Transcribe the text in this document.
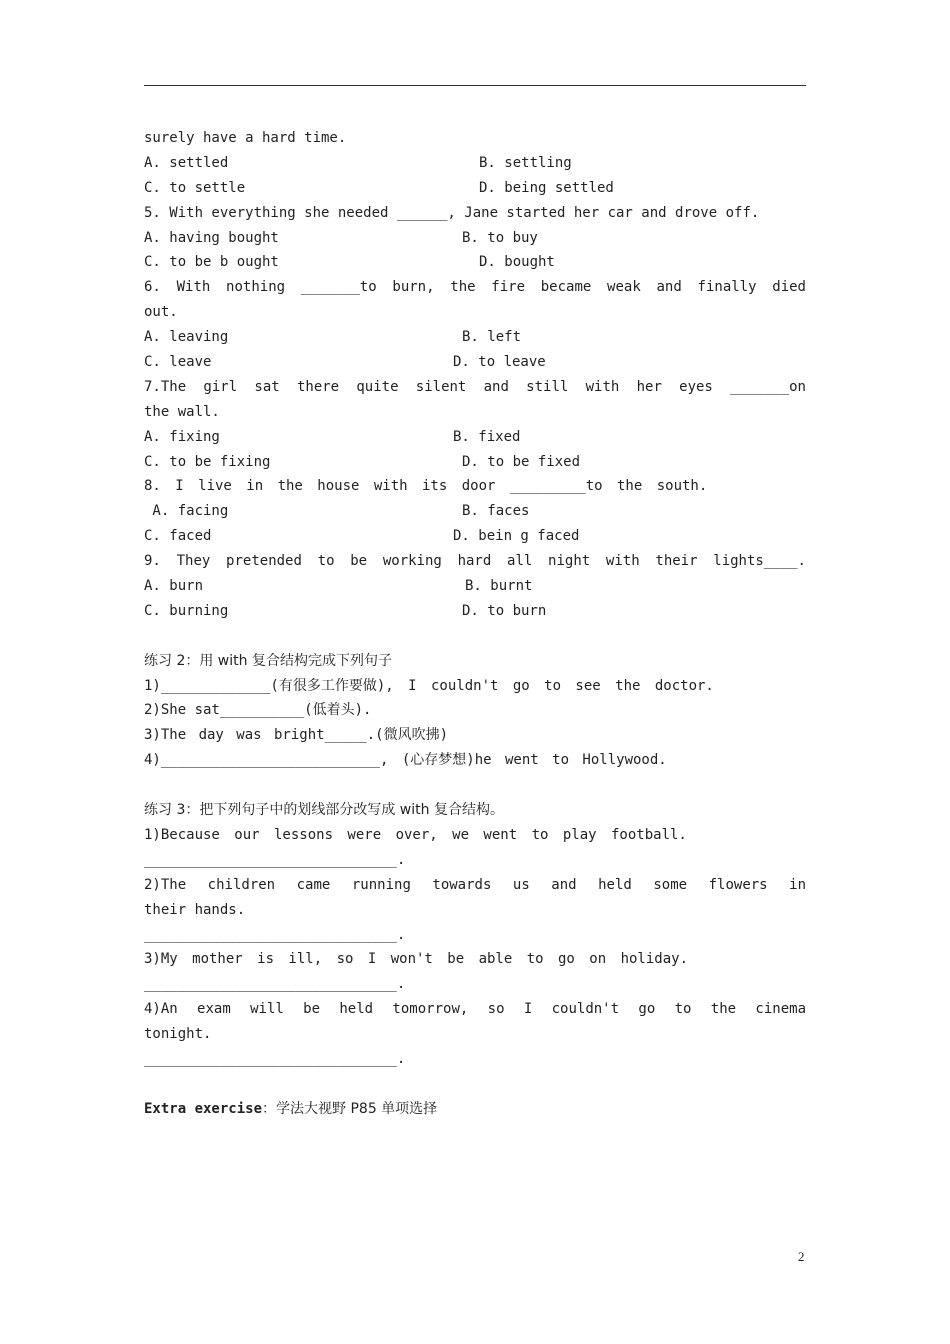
surely have a hard time.

A. settled

	B. settling

C. to settle

	D. being settled

5. With everything she needed ______, Jane started her car and drove off.

A. having bought

	B. to buy

C. to be b ought

	D. bought

6. With nothing _______to burn, the fire became weak and finally died
out.

A. leaving

	B. left

C. leave

	D. to leave

7.The girl sat there quite silent and still with her eyes _______on
the wall.

A. fixing

	B. fixed

C. to be fixing

	D. to be fixed

8. I live in the house with its door _________to the south.

A. facing

	B. faces

C. faced

	D. bein g faced

9. They pretended to be working hard all night with their lights____.

A. burn

	B. burnt

C. burning

	D. to burn

练习 2：用 with 复合结构完成下列句子
1)_____________(有很多工作要做), I couldn't go to see the doctor.
2)She sat__________(低着头).
3)The day was bright_____.(微风吹拂)
4)__________________________, (心存梦想)he went to Hollywood.
练习 3：把下列句子中的划线部分改写成 with 复合结构。
1)Because our lessons were over, we went to play football.
______________________________.
2)The children came running towards us and held some flowers in
their hands.
______________________________.
3)My mother is ill, so I won't be able to go on holiday.
______________________________.
4)An exam will be held tomorrow, so I couldn't go to the cinema
tonight.
______________________________.
Extra exercise：学法大视野 P85 单项选择
2
